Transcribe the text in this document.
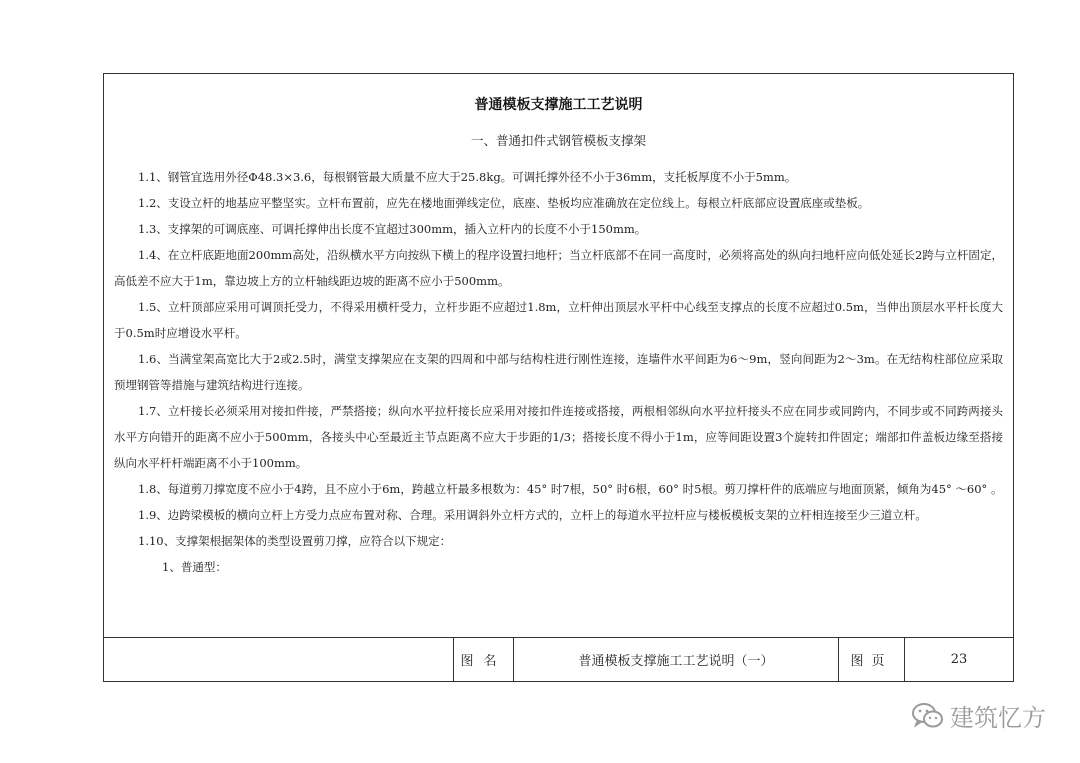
普通模板支撑施工工艺说明
一、普通扣件式钢管模板支撑架

1.1、钢管宜选用外径Φ48.3×3.6，每根钢管最大质量不应大于25.8kg。可调托撑外径不小于36mm，支托板厚度不小于5mm。

1.2、支设立杆的地基应平整坚实。立杆布置前，应先在楼地面弹线定位，底座、垫板均应准确放在定位线上。每根立杆底部应设置底座或垫板。

1.3、支撑架的可调底座、可调托撑伸出长度不宜超过300mm，插入立杆内的长度不小于150mm。

1.4、在立杆底距地面200mm高处，沿纵横水平方向按纵下横上的程序设置扫地杆；当立杆底部不在同一高度时，必须将高处的纵向扫地杆应向低处延长2跨与立杆固定，高低差不应大于1m，靠边坡上方的立杆轴线距边坡的距离不应小于500mm。

1.5、立杆顶部应采用可调顶托受力，不得采用横杆受力，立杆步距不应超过1.8m，立杆伸出顶层水平杆中心线至支撑点的长度不应超过0.5m，当伸出顶层水平杆长度大于0.5m时应增设水平杆。

1.6、当满堂架高宽比大于2或2.5时，满堂支撑架应在支架的四周和中部与结构柱进行刚性连接，连墙件水平间距为6～9m，竖向间距为2～3m。在无结构柱部位应采取预埋钢管等措施与建筑结构进行连接。

1.7、立杆接长必须采用对接扣件接，严禁搭接；纵向水平拉杆接长应采用对接扣件连接或搭接，两根相邻纵向水平拉杆接头不应在同步或同跨内，不同步或不同跨两接头水平方向错开的距离不应小于500mm，各接头中心至最近主节点距离不应大于步距的1/3；搭接长度不得小于1m，应等间距设置3个旋转扣件固定；端部扣件盖板边缘至搭接纵向水平杆杆端距离不小于100mm。

1.8、每道剪刀撑宽度不应小于4跨，且不应小于6m，跨越立杆最多根数为：45° 时7根，50° 时6根，60° 时5根。剪刀撑杆件的底端应与地面顶紧，倾角为45° ～60° 。

1.9、边跨梁模板的横向立杆上方受力点应布置对称、合理。采用调斜外立杆方式的，立杆上的每道水平拉杆应与楼板模板支架的立杆相连接至少三道立杆。

1.10、支撑架根据架体的类型设置剪刀撑，应符合以下规定：

1、普通型：

图名	普通模板支撑施工工艺说明（一）	图页	23
建筑忆方
